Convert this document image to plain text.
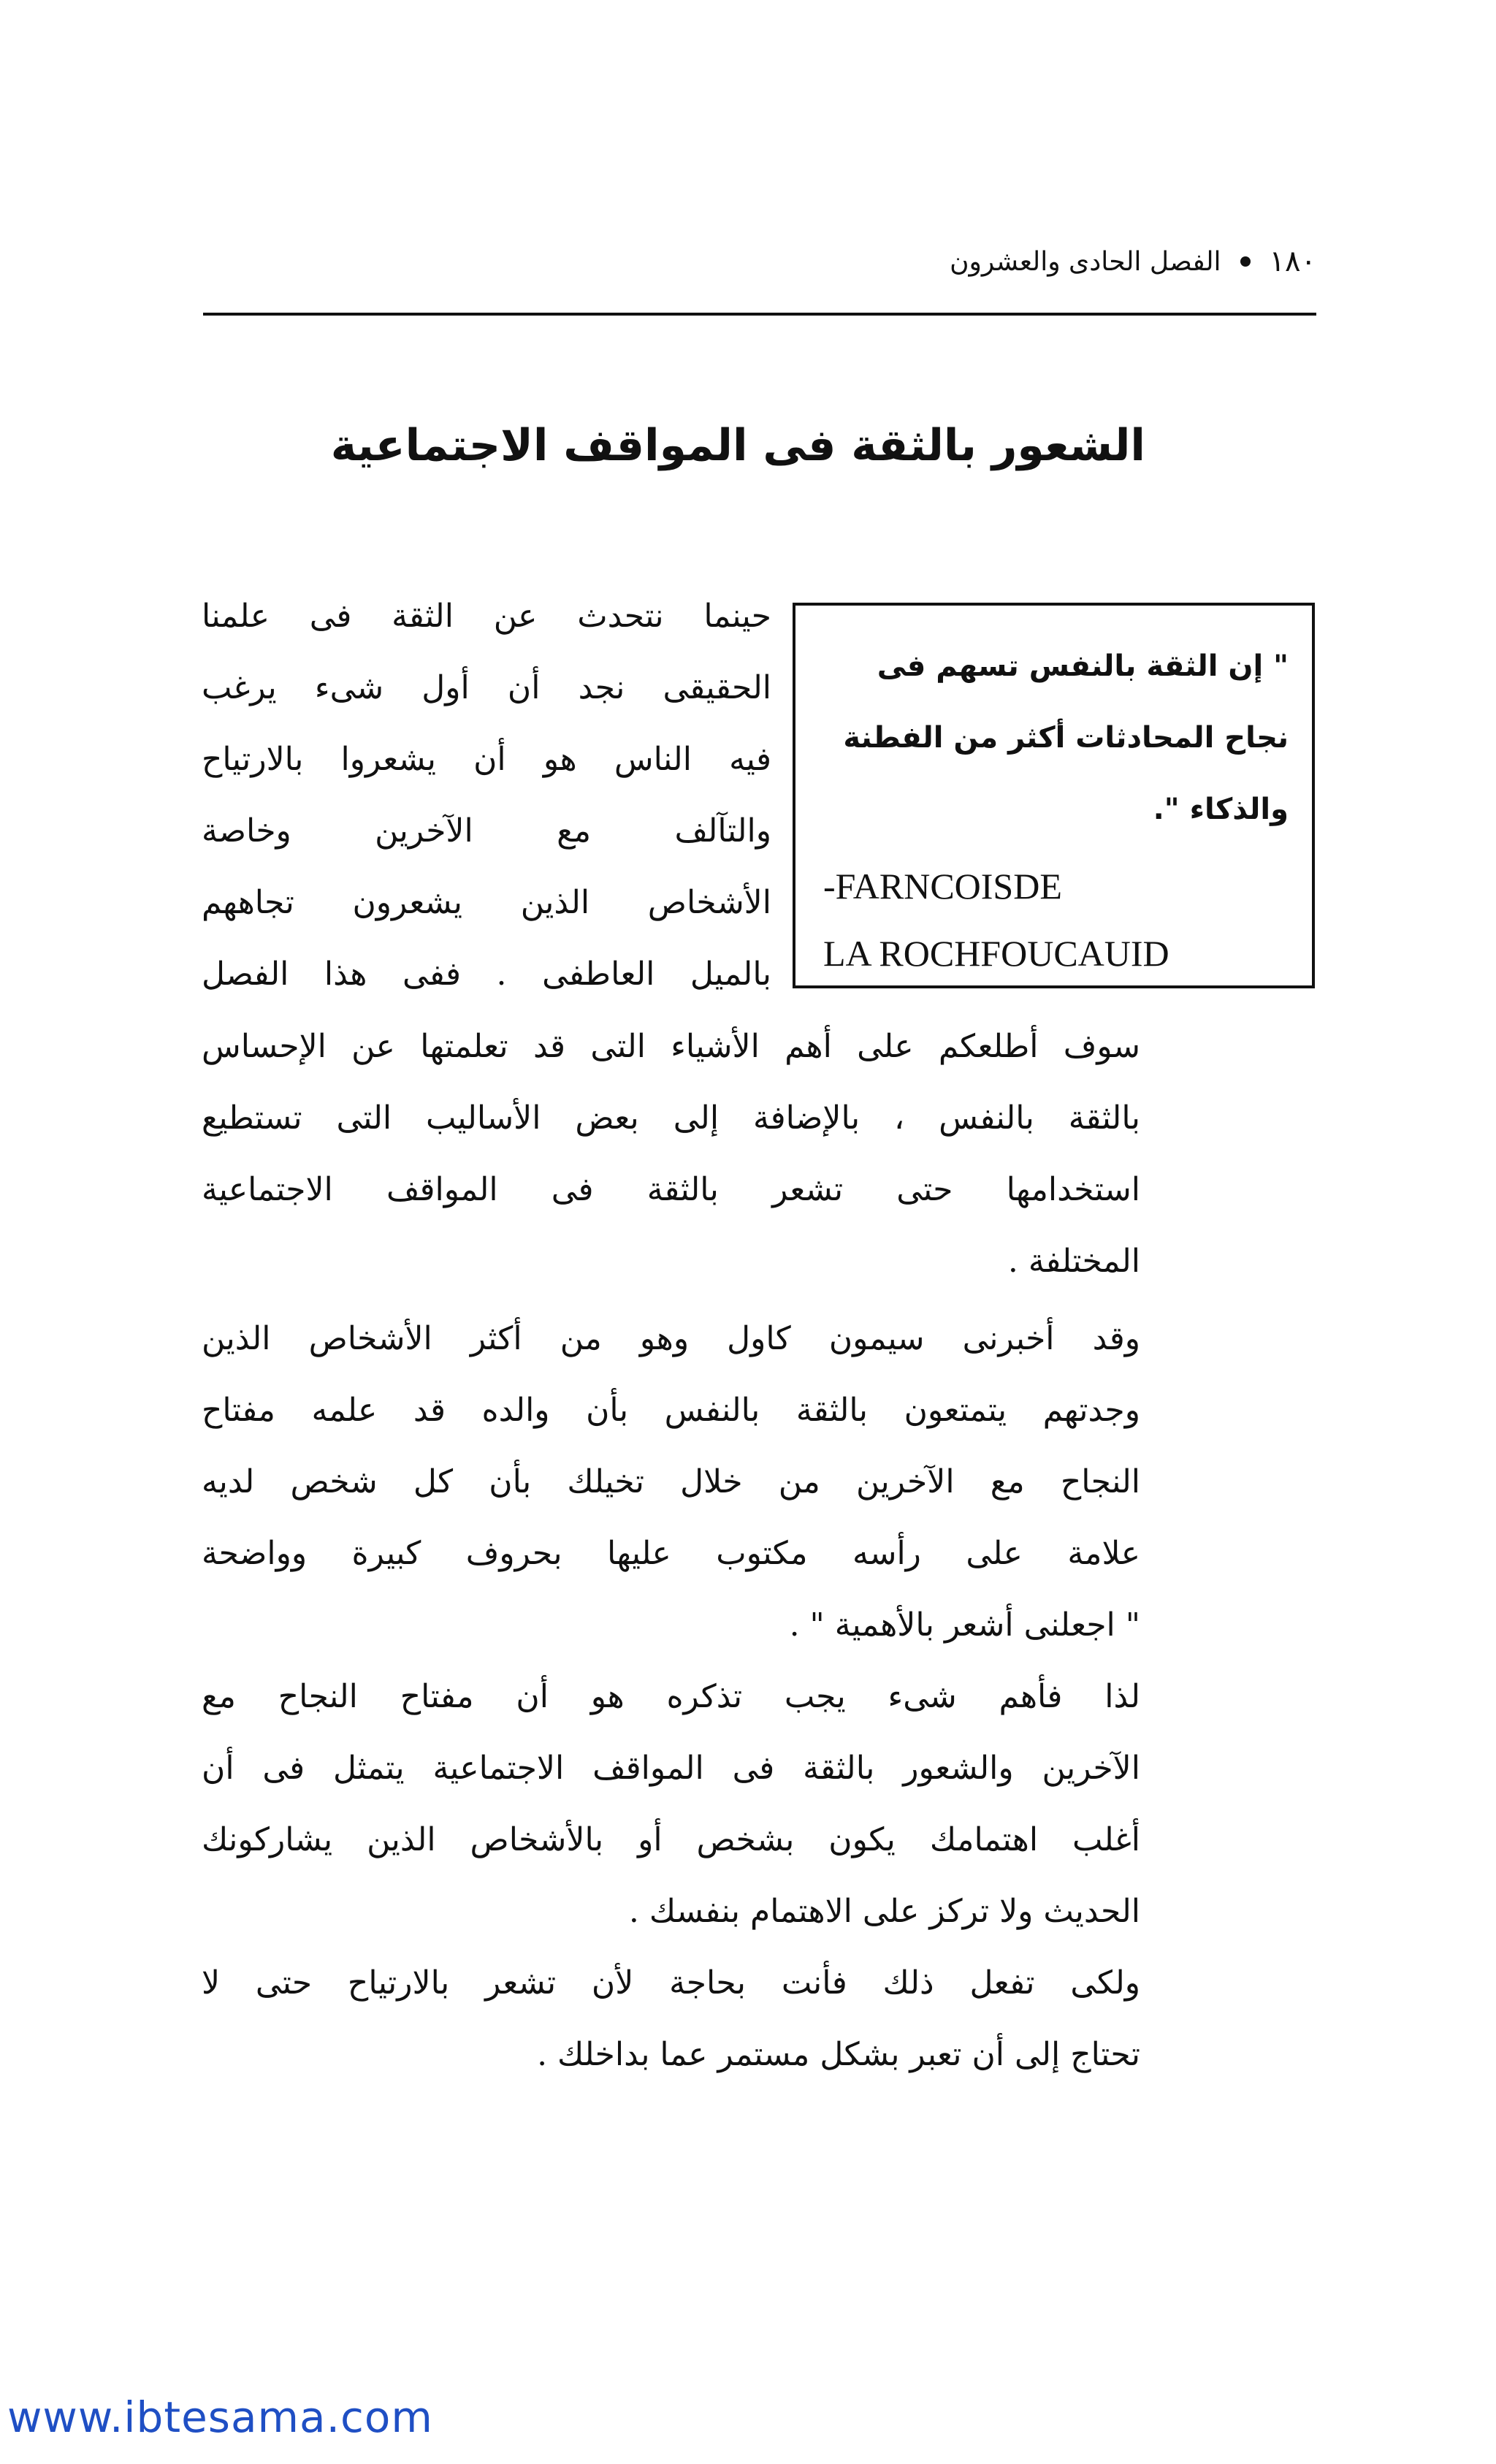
١٨٠
الفصل الحادى والعشرون
الشعور بالثقة فى المواقف الاجتماعية

" إن الثقة بالنفس تسهم فى نجاح المحادثات أكثر من الفطنة والذكاء ".

-FARNCOISDE
LA ROCHFOUCAUID
حينما نتحدث عن الثقة فى علمنا
الحقيقى نجد أن أول شىء يرغب
فيه الناس هو أن يشعروا بالارتياح
والتآلف مع الآخرين وخاصة
الأشخاص الذين يشعرون تجاههم
بالميل العاطفى . ففى هذا الفصل
سوف أطلعكم على أهم الأشياء التى قد تعلمتها عن الإحساس
بالثقة بالنفس ، بالإضافة إلى بعض الأساليب التى تستطيع
استخدامها حتى تشعر بالثقة فى المواقف الاجتماعية
المختلفة .
وقد أخبرنى سيمون كاول وهو من أكثر الأشخاص الذين
وجدتهم يتمتعون بالثقة بالنفس بأن والده قد علمه مفتاح
النجاح مع الآخرين من خلال تخيلك بأن كل شخص لديه
علامة على رأسه مكتوب عليها بحروف كبيرة وواضحة
" اجعلنى أشعر بالأهمية " .
لذا فأهم شىء يجب تذكره هو أن مفتاح النجاح مع
الآخرين والشعور بالثقة فى المواقف الاجتماعية يتمثل فى أن
أغلب اهتمامك يكون بشخص أو بالأشخاص الذين يشاركونك
الحديث ولا تركز على الاهتمام بنفسك .
ولكى تفعل ذلك فأنت بحاجة لأن تشعر بالارتياح حتى لا
تحتاج إلى أن تعبر بشكل مستمر عما بداخلك .
www.ibtesama.com
